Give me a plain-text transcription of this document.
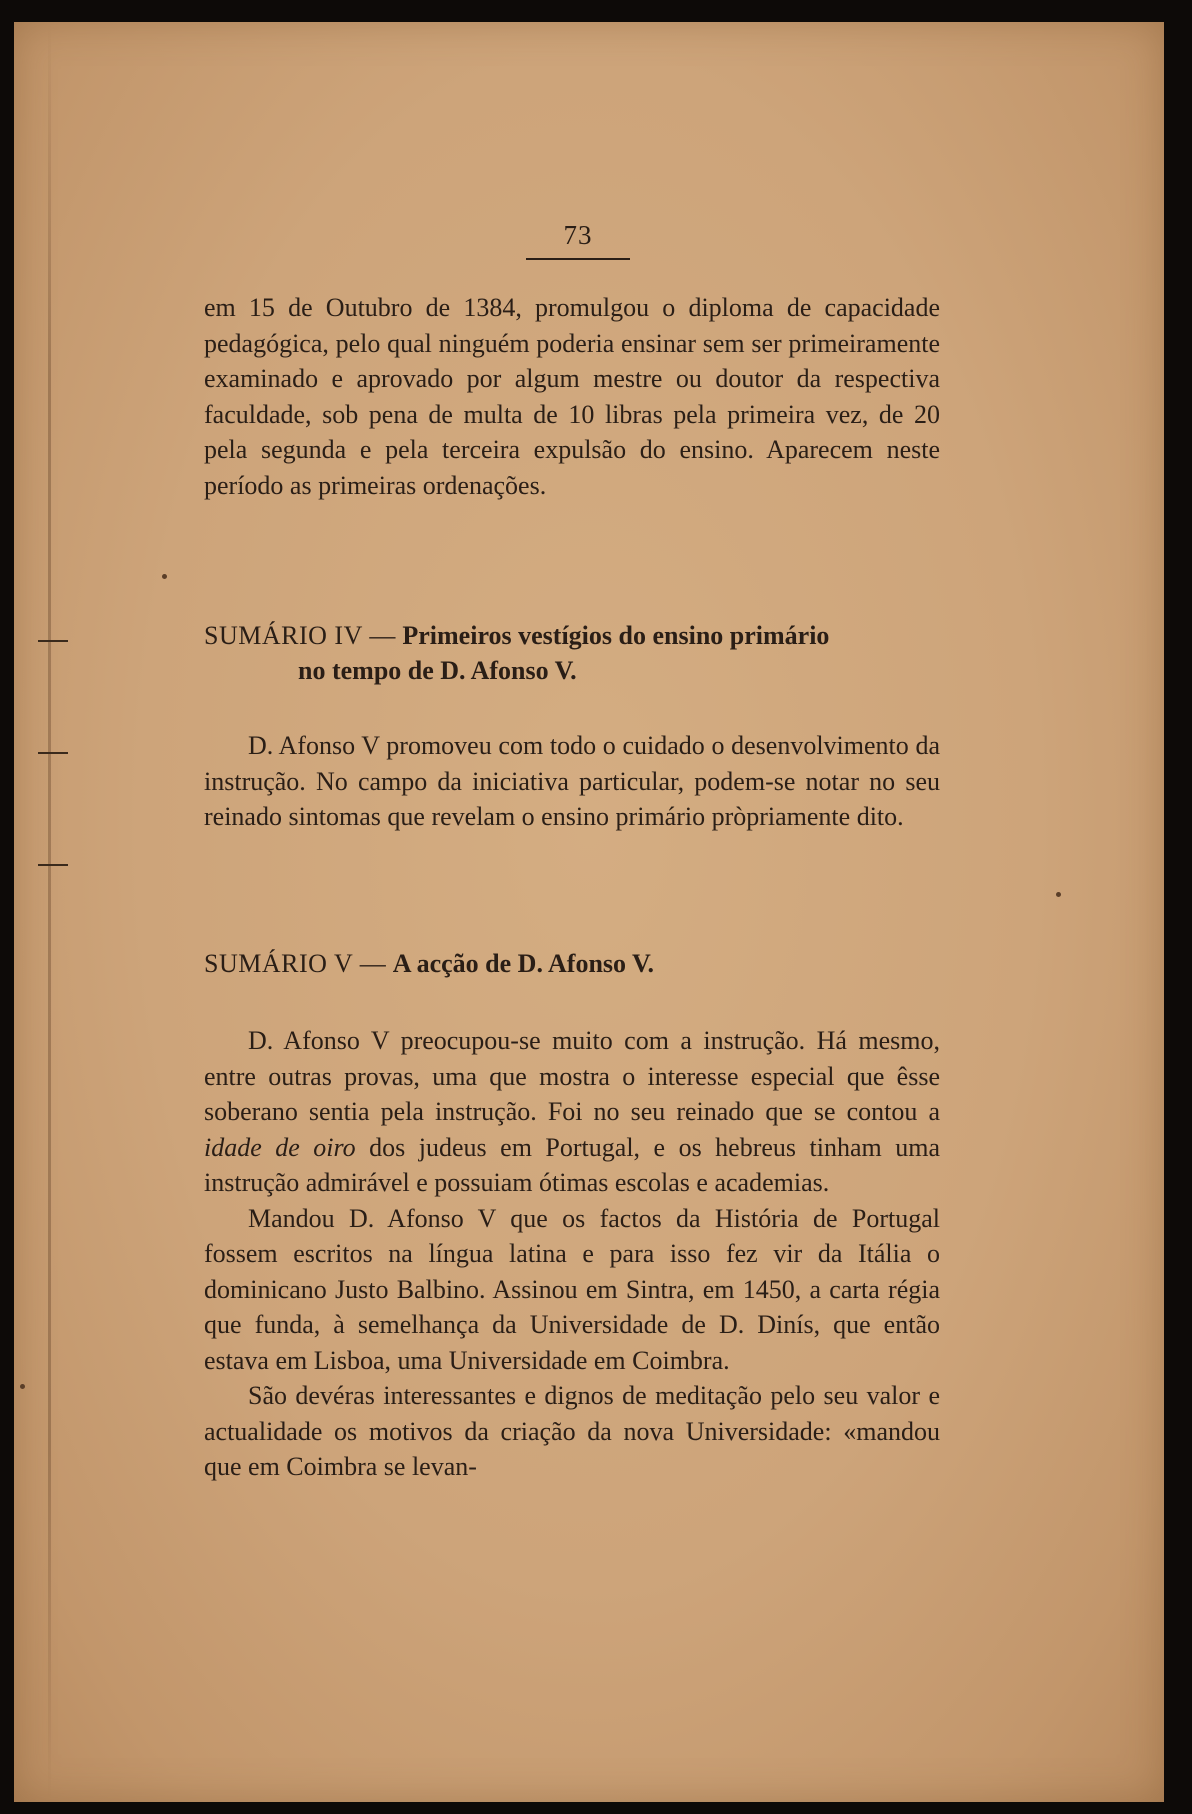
73

em 15 de Outubro de 1384, promulgou o diploma de capacidade pedagógica, pelo qual ninguém poderia ensinar sem ser primeiramente examinado e aprovado por algum mestre ou doutor da respectiva faculdade, sob pena de multa de 10 libras pela primeira vez, de 20 pela segunda e pela terceira expulsão do ensino. Aparecem neste período as primeiras ordenações.

SUMÁRIO IV — Primeiros vestígios do ensino primário
no tempo de D. Afonso V.

D. Afonso V promoveu com todo o cuidado o desenvolvimento da instrução. No campo da iniciativa particular, podem-se notar no seu reinado sintomas que revelam o ensino primário pròpriamente dito.

SUMÁRIO V — A acção de D. Afonso V.

D. Afonso V preocupou-se muito com a instrução. Há mesmo, entre outras provas, uma que mostra o interesse especial que êsse soberano sentia pela instrução. Foi no seu reinado que se contou a idade de oiro dos judeus em Portugal, e os hebreus tinham uma instrução admirável e possuiam ótimas escolas e academias.

Mandou D. Afonso V que os factos da História de Portugal fossem escritos na língua latina e para isso fez vir da Itália o dominicano Justo Balbino. Assinou em Sintra, em 1450, a carta régia que funda, à semelhança da Universidade de D. Dinís, que então estava em Lisboa, uma Universidade em Coimbra.

São devéras interessantes e dignos de meditação pelo seu valor e actualidade os motivos da criação da nova Universidade: «mandou que em Coimbra se levan-
